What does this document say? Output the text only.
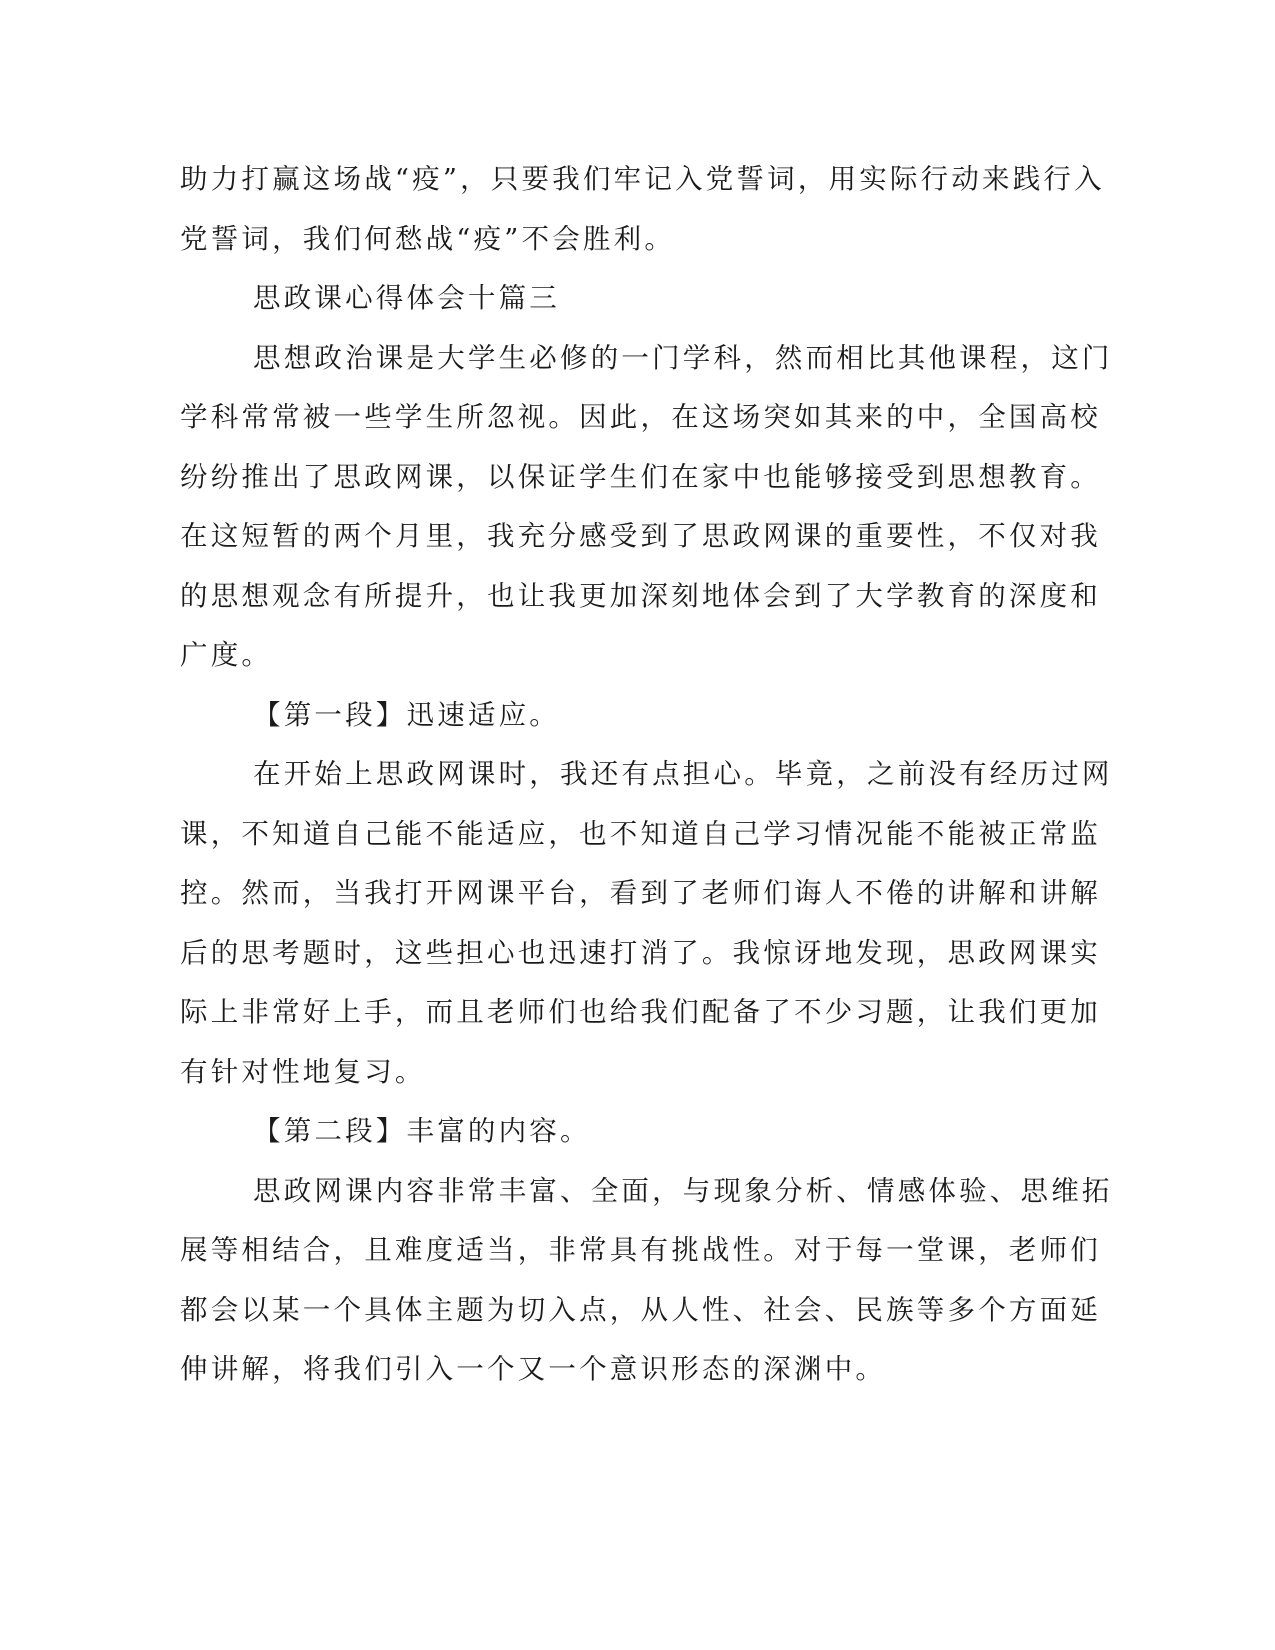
助力打赢这场战“疫”，只要我们牢记入党誓词，用实际行动来践行入
党誓词，我们何愁战“疫”不会胜利。
思政课心得体会十篇三
思想政治课是大学生必修的一门学科，然而相比其他课程，这门
学科常常被一些学生所忽视。因此，在这场突如其来的中，全国高校
纷纷推出了思政网课，以保证学生们在家中也能够接受到思想教育。
在这短暂的两个月里，我充分感受到了思政网课的重要性，不仅对我
的思想观念有所提升，也让我更加深刻地体会到了大学教育的深度和
广度。
【第一段】迅速适应。
在开始上思政网课时，我还有点担心。毕竟，之前没有经历过网
课，不知道自己能不能适应，也不知道自己学习情况能不能被正常监
控。然而，当我打开网课平台，看到了老师们诲人不倦的讲解和讲解
后的思考题时，这些担心也迅速打消了。我惊讶地发现，思政网课实
际上非常好上手，而且老师们也给我们配备了不少习题，让我们更加
有针对性地复习。
【第二段】丰富的内容。
思政网课内容非常丰富、全面，与现象分析、情感体验、思维拓
展等相结合，且难度适当，非常具有挑战性。对于每一堂课，老师们
都会以某一个具体主题为切入点，从人性、社会、民族等多个方面延
伸讲解，将我们引入一个又一个意识形态的深渊中。
